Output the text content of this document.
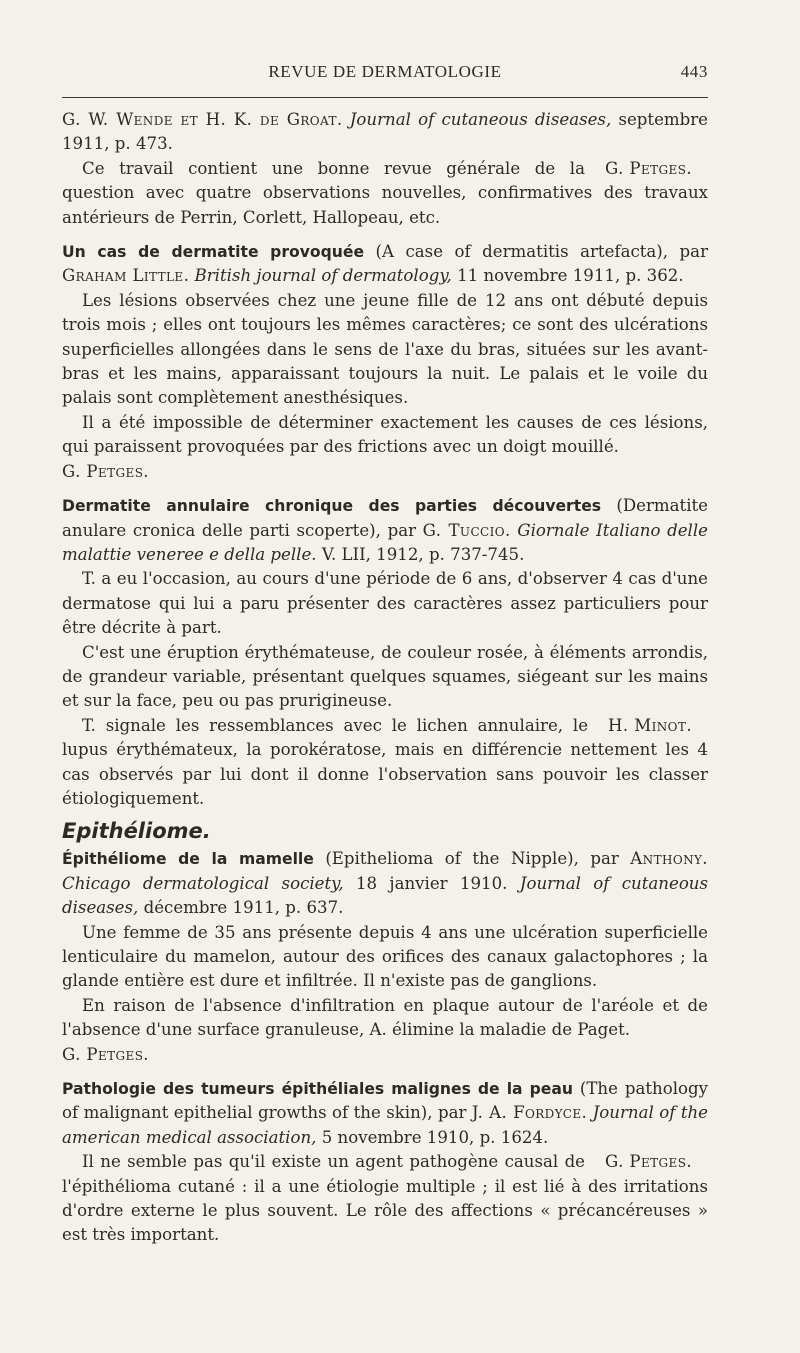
REVUE DE DERMATOLOGIE	443

G. W. Wende et H. K. de Groat. Journal of cutaneous diseases, septembre 1911, p. 473.

G. Petges.
Ce travail contient une bonne revue générale de la question avec quatre observations nouvelles, confirmatives des travaux antérieurs de Perrin, Corlett, Hallopeau, etc.

Un cas de dermatite provoquée (A case of dermatitis artefacta), par Graham Little. British journal of dermatology, 11 novembre 1911, p. 362.

Les lésions observées chez une jeune fille de 12 ans ont débuté depuis trois mois ; elles ont toujours les mêmes caractères; ce sont des ulcérations superficielles allongées dans le sens de l'axe du bras, situées sur les avant-bras et les mains, apparaissant toujours la nuit. Le palais et le voile du palais sont complètement anesthésiques.

Il a été impossible de déterminer exactement les causes de ces lésions, qui paraissent provoquées par des frictions avec un doigt mouillé.

G. Petges.

Dermatite annulaire chronique des parties découvertes (Dermatite anulare cronica delle parti scoperte), par G. Tuccio. Giornale Italiano delle malattie veneree e della pelle. V. LII, 1912, p. 737-745.

T. a eu l'occasion, au cours d'une période de 6 ans, d'observer 4 cas d'une dermatose qui lui a paru présenter des caractères assez particuliers pour être décrite à part.

C'est une éruption érythémateuse, de couleur rosée, à éléments arrondis, de grandeur variable, présentant quelques squames, siégeant sur les mains et sur la face, peu ou pas prurigineuse.

H. Minot.
T. signale les ressemblances avec le lichen annulaire, le lupus érythémateux, la porokératose, mais en différencie nettement les 4 cas observés par lui dont il donne l'observation sans pouvoir les classer étiologiquement.

Epithéliome.

Épithéliome de la mamelle (Epithelioma of the Nipple), par Anthony. Chicago dermatological society, 18 janvier 1910. Journal of cutaneous diseases, décembre 1911, p. 637.

Une femme de 35 ans présente depuis 4 ans une ulcération superficielle lenticulaire du mamelon, autour des orifices des canaux galactophores ; la glande entière est dure et infiltrée. Il n'existe pas de ganglions.

En raison de l'absence d'infiltration en plaque autour de l'aréole et de l'absence d'une surface granuleuse, A. élimine la maladie de Paget.

G. Petges.

Pathologie des tumeurs épithéliales malignes de la peau (The pathology of malignant epithelial growths of the skin), par J. A. Fordyce. Journal of the american medical association, 5 novembre 1910, p. 1624.

G. Petges.
Il ne semble pas qu'il existe un agent pathogène causal de l'épithélioma cutané : il a une étiologie multiple ; il est lié à des irritations d'ordre externe le plus souvent. Le rôle des affections « précancéreuses » est très important.
